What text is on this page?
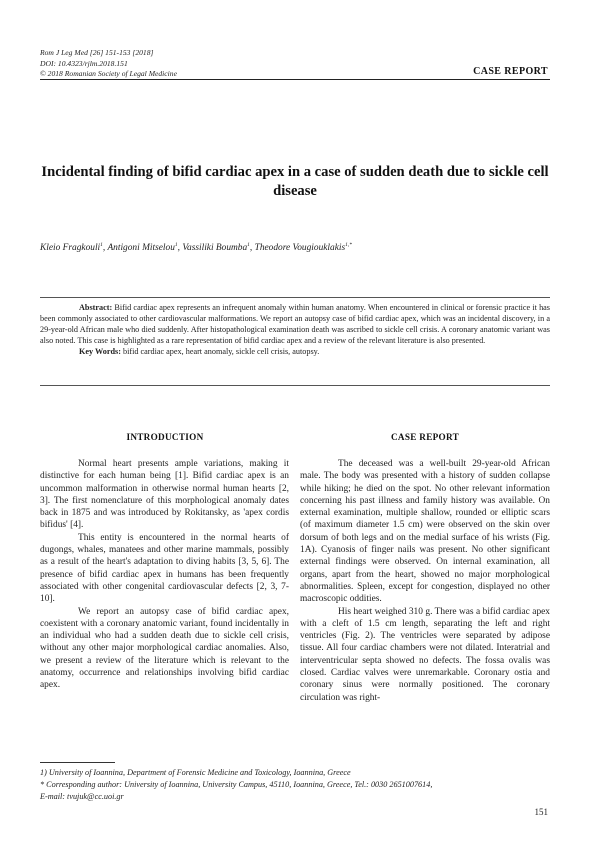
Rom J Leg Med [26] 151-153 [2018]
DOI: 10.4323/rjlm.2018.151
© 2018 Romanian Society of Legal Medicine	CASE REPORT
Incidental finding of bifid cardiac apex in a case of sudden death due to sickle cell disease
Kleio Fragkouli$^1$, Antigoni Mitselou$^1$, Vassiliki Boumba$^1$, Theodore Vougiouklakis$^{1,*}$

Abstract: Bifid cardiac apex represents an infrequent anomaly within human anatomy. When encountered in clinical or forensic practice it has been commonly associated to other cardiovascular malformations. We report an autopsy case of bifid cardiac apex, which was an incidental discovery, in a 29-year-old African male who died suddenly. After histopathological examination death was ascribed to sickle cell crisis. A coronary anatomic variant was also noted. This case is highlighted as a rare representation of bifid cardiac apex and a review of the relevant literature is also presented.

Key Words: bifid cardiac apex, heart anomaly, sickle cell crisis, autopsy.

INTRODUCTION	CASE REPORT

Normal heart presents ample variations, making it distinctive for each human being [1]. Bifid cardiac apex is an uncommon malformation in otherwise normal human hearts [2, 3]. The first nomenclature of this morphological anomaly dates back in 1875 and was introduced by Rokitansky, as 'apex cordis bifidus' [4].

This entity is encountered in the normal hearts of dugongs, whales, manatees and other marine mammals, possibly as a result of the heart's adaptation to diving habits [3, 5, 6]. The presence of bifid cardiac apex in humans has been frequently associated with other congenital cardiovascular defects [2, 3, 7-10].

We report an autopsy case of bifid cardiac apex, coexistent with a coronary anatomic variant, found incidentally in an individual who had a sudden death due to sickle cell crisis, without any other major morphological cardiac anomalies. Also, we present a review of the literature which is relevant to the anatomy, occurrence and relationships involving bifid cardiac apex.

The deceased was a well-built 29-year-old African male. The body was presented with a history of sudden collapse while hiking; he died on the spot. No other relevant information concerning his past illness and family history was available. On external examination, multiple shallow, rounded or elliptic scars (of maximum diameter 1.5 cm) were observed on the skin over dorsum of both legs and on the medial surface of his wrists (Fig. 1A). Cyanosis of finger nails was present. No other significant external findings were observed. On internal examination, all organs, apart from the heart, showed no major morphological abnormalities. Spleen, except for congestion, displayed no other macroscopic oddities.

His heart weighed 310 g. There was a bifid cardiac apex with a cleft of 1.5 cm length, separating the left and right ventricles (Fig. 2). The ventricles were separated by adipose tissue. All four cardiac chambers were not dilated. Interatrial and interventricular septa showed no defects. The fossa ovalis was closed. Cardiac valves were unremarkable. Coronary ostia and coronary sinus were normally positioned. The coronary circulation was right-

1) University of Ioannina, Department of Forensic Medicine and Toxicology, Ioannina, Greece
* Corresponding author: University of Ioannina, University Campus, 45110, Ioannina, Greece, Tel.: 0030 2651007614,
E-mail: tvujuk@cc.uoi.gr
151
